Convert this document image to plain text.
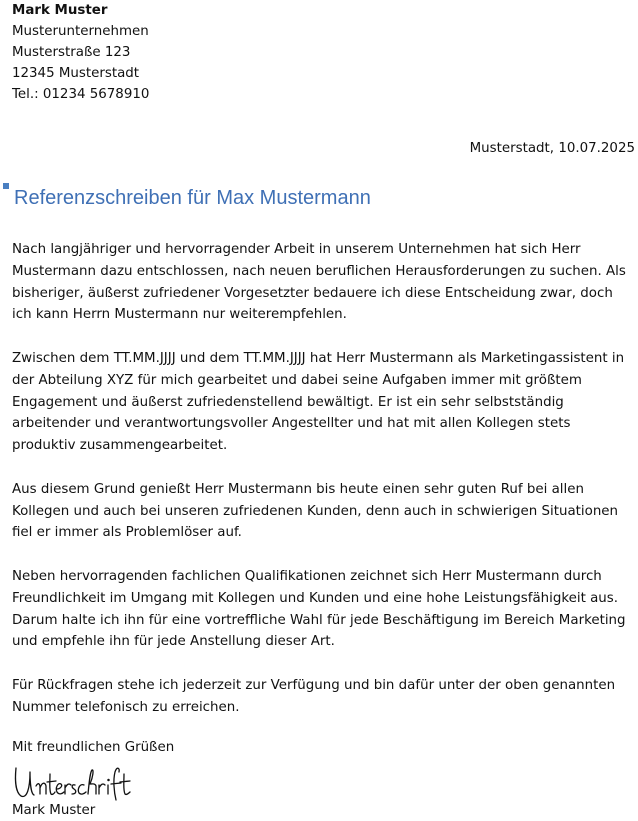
Mark Muster
Musterunternehmen
Musterstraße 123
12345 Musterstadt
Tel.: 01234 5678910
Musterstadt, 10.07.2025
Referenzschreiben für Max Mustermann

Nach langjähriger und hervorragender Arbeit in unserem Unternehmen hat sich Herr Mustermann dazu entschlossen, nach neuen beruflichen Herausforderungen zu suchen. Als bisheriger, äußerst zufriedener Vorgesetzter bedauere ich diese Entscheidung zwar, doch ich kann Herrn Mustermann nur weiterempfehlen.

Zwischen dem TT.MM.JJJJ und dem TT.MM.JJJJ hat Herr Mustermann als Marketingassistent in der Abteilung XYZ für mich gearbeitet und dabei seine Aufgaben immer mit größtem Engagement und äußerst zufriedenstellend bewältigt. Er ist ein sehr selbstständig arbeitender und verantwortungsvoller Angestellter und hat mit allen Kollegen stets produktiv zusammengearbeitet.

Aus diesem Grund genießt Herr Mustermann bis heute einen sehr guten Ruf bei allen Kollegen und auch bei unseren zufriedenen Kunden, denn auch in schwierigen Situationen fiel er immer als Problemlöser auf.

Neben hervorragenden fachlichen Qualifikationen zeichnet sich Herr Mustermann durch Freundlichkeit im Umgang mit Kollegen und Kunden und eine hohe Leistungsfähigkeit aus. Darum halte ich ihn für eine vortreffliche Wahl für jede Beschäftigung im Bereich Marketing und empfehle ihn für jede Anstellung dieser Art.

Für Rückfragen stehe ich jederzeit zur Verfügung und bin dafür unter der oben genannten Nummer telefonisch zu erreichen.

Mit freundlichen Grüßen
Mark Muster
